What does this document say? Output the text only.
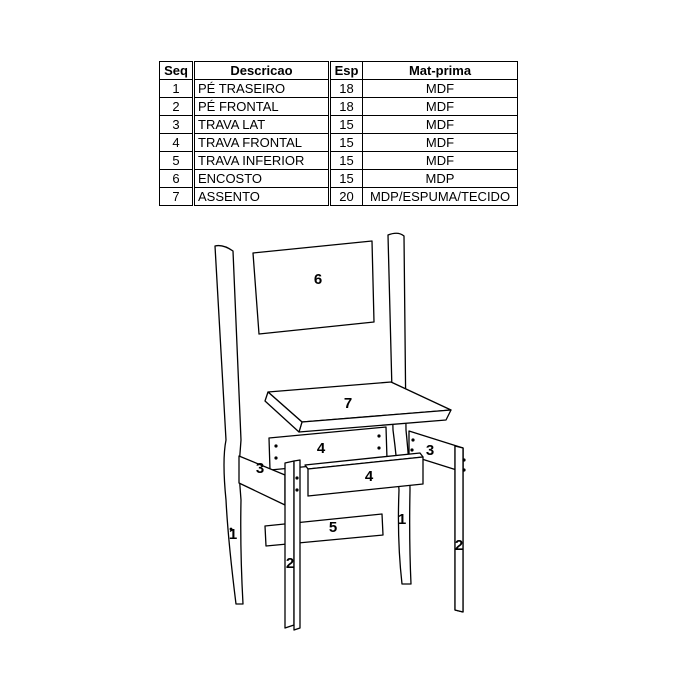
Seq	Descricao	Esp	Mat-prima
1	PÉ TRASEIRO	18	MDF
2	PÉ FRONTAL	18	MDF
3	TRAVA LAT	15	MDF
4	TRAVA FRONTAL	15	MDF
5	TRAVA INFERIOR	15	MDF
6	ENCOSTO	15	MDP
7	ASSENTO	20	MDP/ESPUMA/TECIDO
6
7
4
4
3
3
5
1
1
2
2
